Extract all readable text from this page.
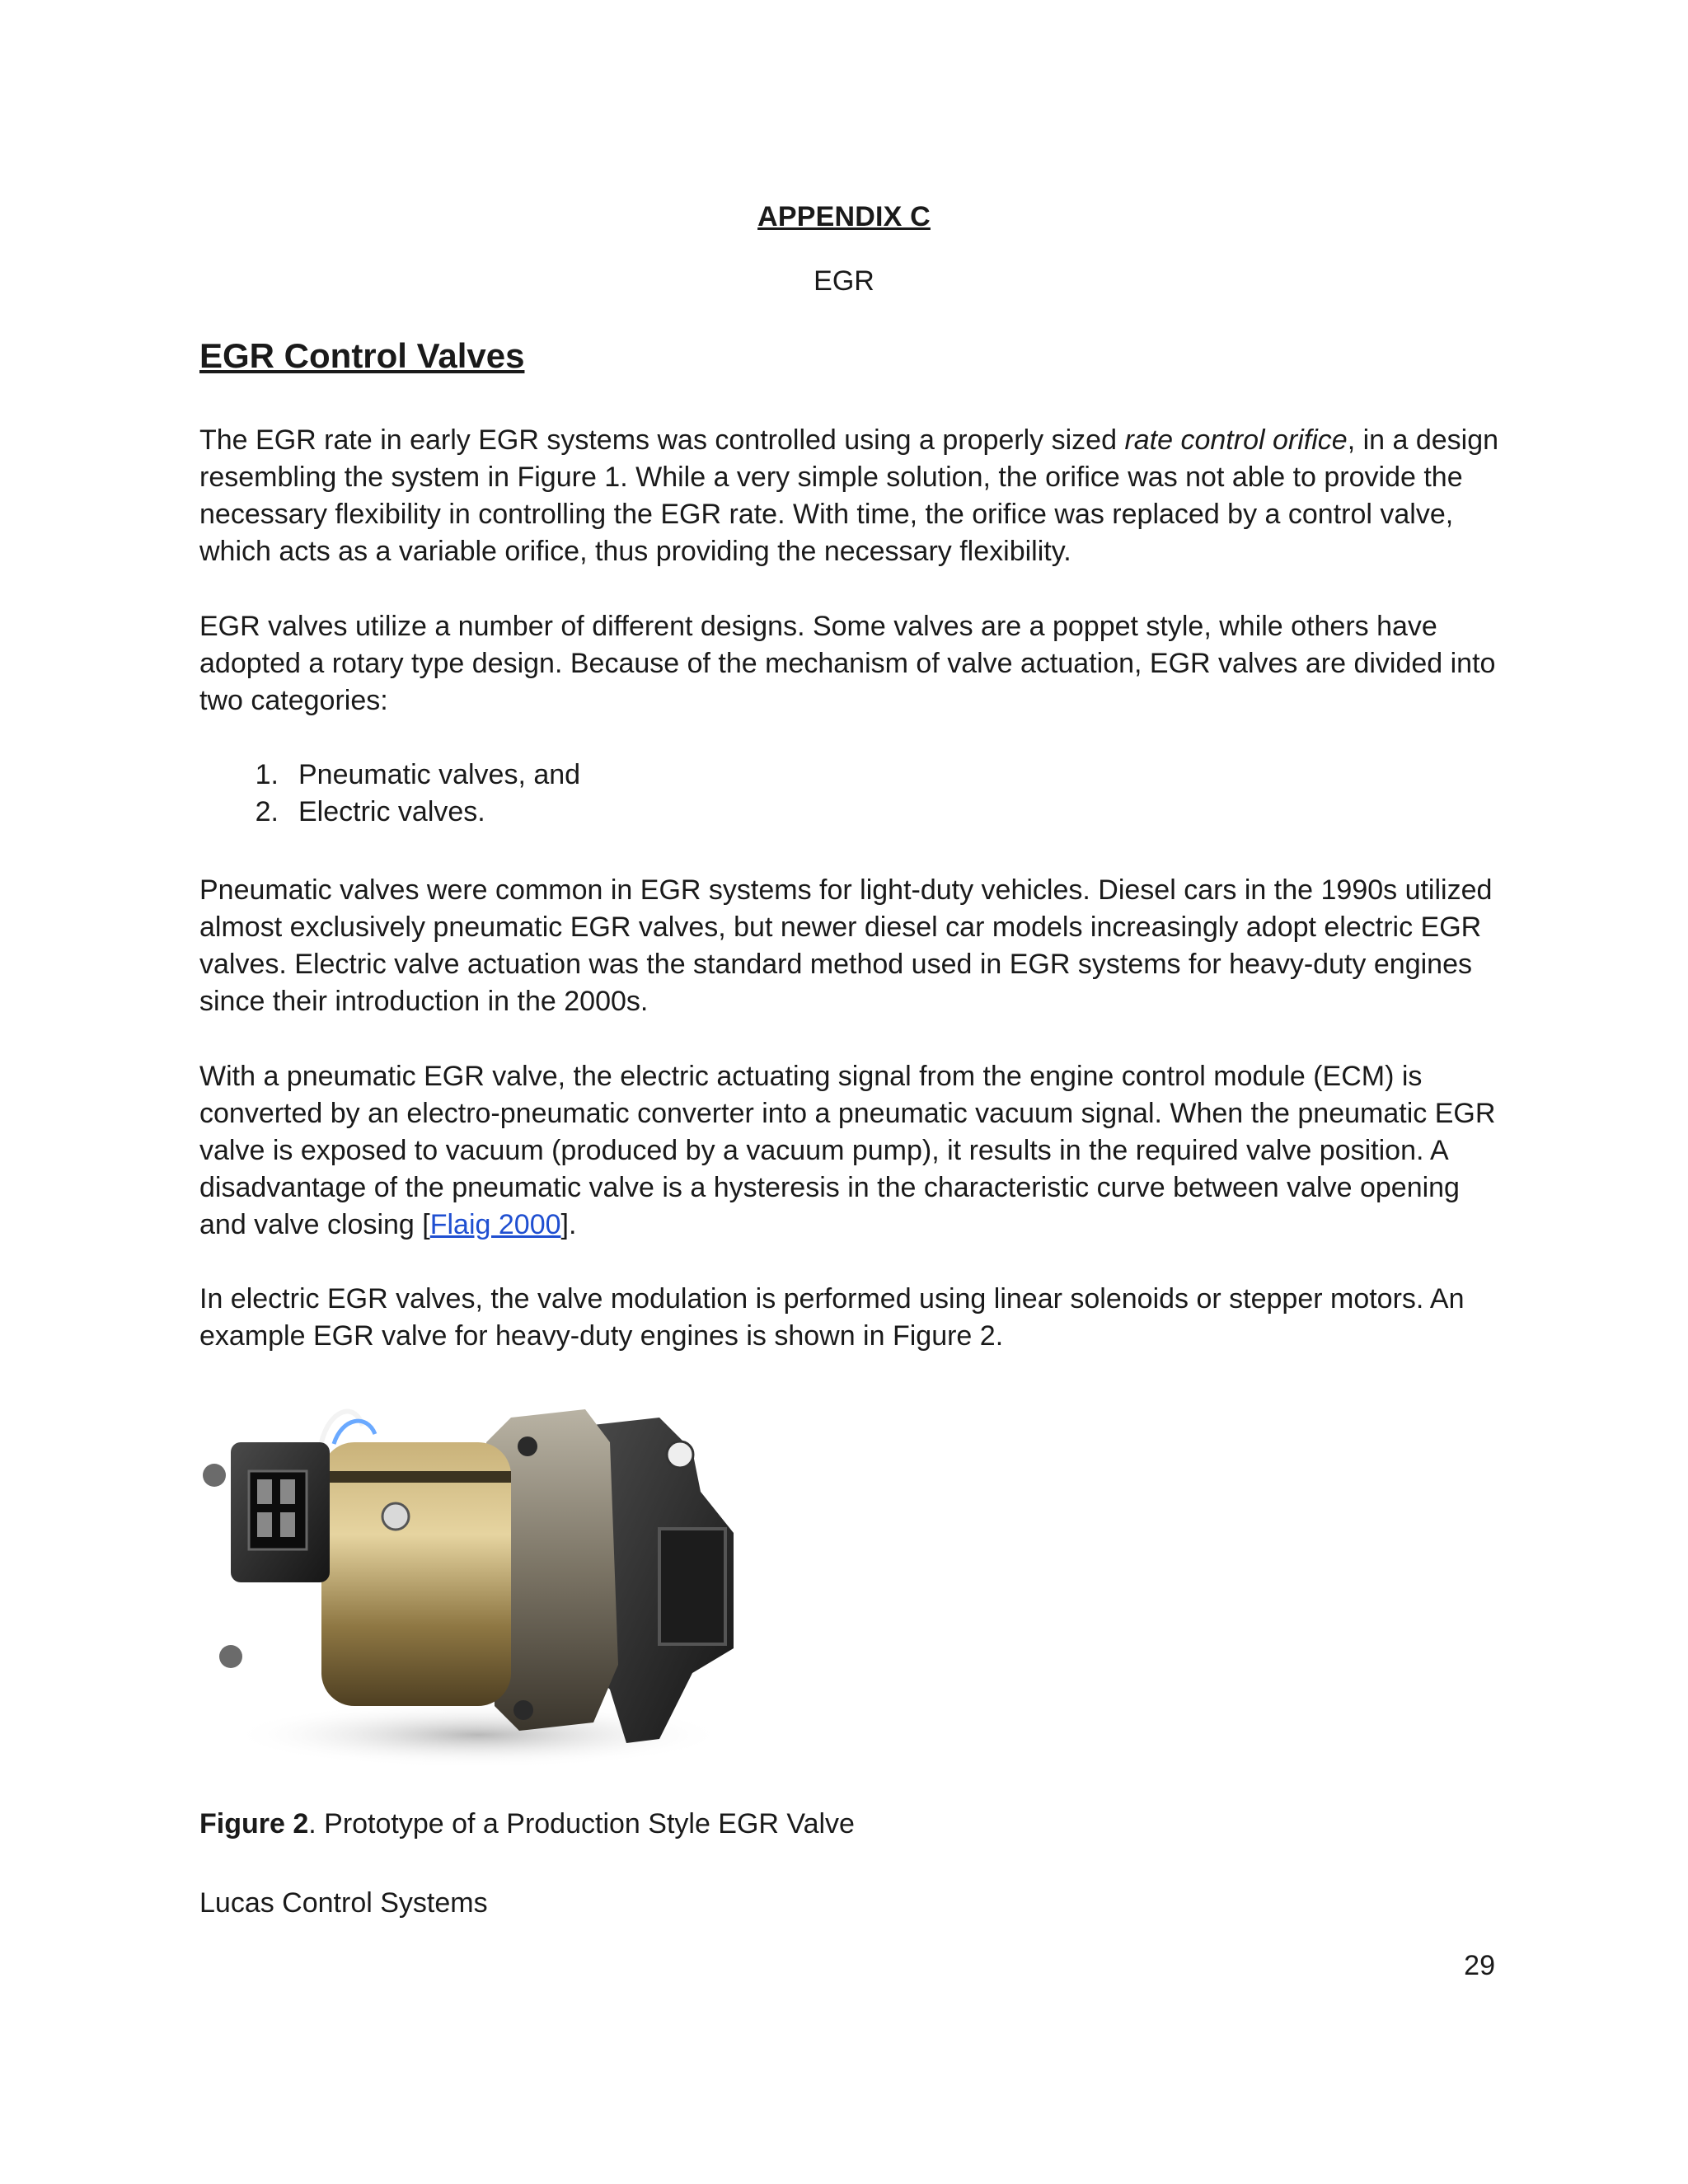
APPENDIX C
EGR
EGR Control Valves

The EGR rate in early EGR systems was controlled using a properly sized rate control orifice, in a design resembling the system in Figure 1. While a very simple solution, the orifice was not able to provide the necessary flexibility in controlling the EGR rate. With time, the orifice was replaced by a control valve, which acts as a variable orifice, thus providing the necessary flexibility.

EGR valves utilize a number of different designs. Some valves are a poppet style, while others have adopted a rotary type design. Because of the mechanism of valve actuation, EGR valves are divided into two categories:

1. Pneumatic valves, and
2. Electric valves.

Pneumatic valves were common in EGR systems for light-duty vehicles. Diesel cars in the 1990s utilized almost exclusively pneumatic EGR valves, but newer diesel car models increasingly adopt electric EGR valves. Electric valve actuation was the standard method used in EGR systems for heavy-duty engines since their introduction in the 2000s.

With a pneumatic EGR valve, the electric actuating signal from the engine control module (ECM) is converted by an electro-pneumatic converter into a pneumatic vacuum signal. When the pneumatic EGR valve is exposed to vacuum (produced by a vacuum pump), it results in the required valve position. A disadvantage of the pneumatic valve is a hysteresis in the characteristic curve between valve opening and valve closing [Flaig 2000].

In electric EGR valves, the valve modulation is performed using linear solenoids or stepper motors. An example EGR valve for heavy-duty engines is shown in Figure 2.

Figure 2. Prototype of a Production Style EGR Valve
Lucas Control Systems
29
